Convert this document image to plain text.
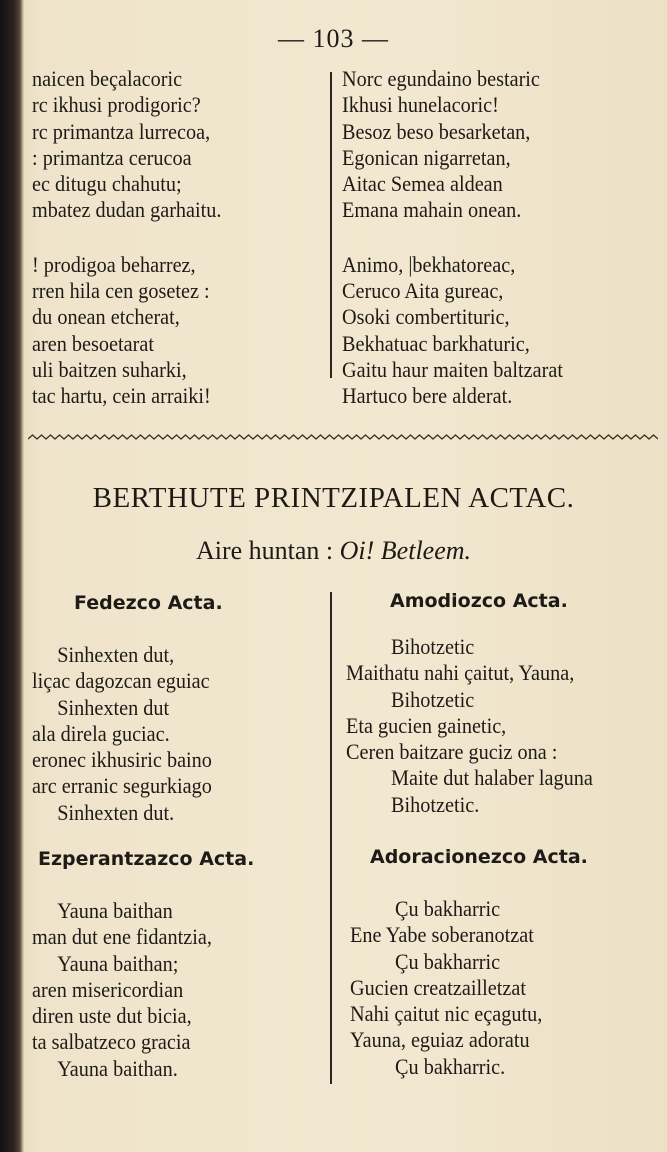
— 103 —
naicen beçalacoric
rc ikhusi prodigoric?
rc primantza lurrecoa,
: primantza cerucoa
ec ditugu chahutu;
mbatez dudan garhaitu.
! prodigoa beharrez,
rren hila cen gosetez :
du onean etcherat,
aren besoetarat
uli baitzen suharki,
tac hartu, cein arraiki!
Norc egundaino bestaric
Ikhusi hunelacoric!
Besoz beso besarketan,
Egonican nigarretan,
Aitac Semea aldean
Emana mahain onean.
Animo, |bekhatoreac,
Ceruco Aita gureac,
Osoki combertituric,
Bekhatuac barkhaturic,
Gaitu haur maiten baltzarat
Hartuco bere alderat.
BERTHUTE PRINTZIPALEN ACTAC.
Aire huntan : Oi! Betleem.
Fedezco Acta.
Sinhexten dut,
liçac dagozcan eguiac
Sinhexten dut
ala direla guciac.
eronec ikhusiric baino
arc erranic segurkiago
Sinhexten dut.
Amodiozco Acta.
Bihotzetic
Maithatu nahi çaitut, Yauna,
Bihotzetic
Eta gucien gainetic,
Ceren baitzare guciz ona :
Maite dut halaber laguna
Bihotzetic.
Ezperantzazco Acta.
Yauna baithan
man dut ene fidantzia,
Yauna baithan;
aren misericordian
diren uste dut bicia,
ta salbatzeco gracia
Yauna baithan.
Adoracionezco Acta.
Çu bakharric
Ene Yabe soberanotzat
Çu bakharric
Gucien creatzailletzat
Nahi çaitut nic eçagutu,
Yauna, eguiaz adoratu
Çu bakharric.
